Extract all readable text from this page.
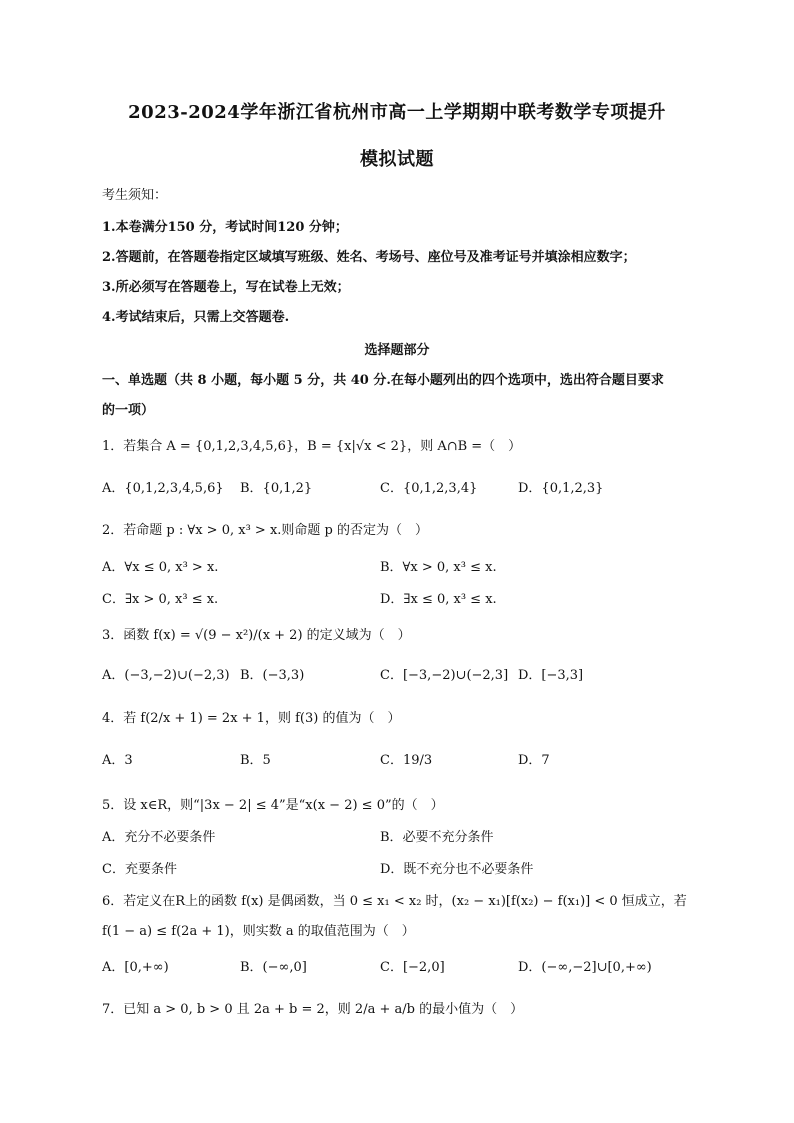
2023-2024学年浙江省杭州市高一上学期期中联考数学专项提升
模拟试题
考生须知：
1.本卷满分150 分，考试时间120 分钟；
2.答题前，在答题卷指定区域填写班级、姓名、考场号、座位号及准考证号并填涂相应数字；
3.所必须写在答题卷上，写在试卷上无效；
4.考试结束后，只需上交答题卷.
选择题部分
一、单选题（共 8 小题，每小题 5 分，共 40 分.在每小题列出的四个选项中，选出符合题目要求
的一项）
1．若集合 A = {0,1,2,3,4,5,6}，B = {x|√x < 2}，则 A∩B =（　）
A．{0,1,2,3,4,5,6} B．{0,1,2}	C．{0,1,2,3,4}	D．{0,1,2,3}
2．若命题 p : ∀x > 0, x³ > x.则命题 p 的否定为（　）
A．∀x ≤ 0, x³ > x.	B．∀x > 0, x³ ≤ x.
C．∃x > 0, x³ ≤ x.	D．∃x ≤ 0, x³ ≤ x.
3．函数 f(x) = √(9 − x²)/(x + 2) 的定义域为（　）
A．(−3,−2)∪(−2,3) B．(−3,3)	C．[−3,−2)∪(−2,3] D．[−3,3]
4．若 f(2/x + 1) = 2x + 1，则 f(3) 的值为（　）
A．3	B．5	C．19/3	D．7
5．设 x∈R，则“|3x − 2| ≤ 4”是“x(x − 2) ≤ 0”的（　）
A．充分不必要条件	B．必要不充分条件
C．充要条件	D．既不充分也不必要条件
6．若定义在R上的函数 f(x) 是偶函数，当 0 ≤ x₁ < x₂ 时，(x₂ − x₁)[f(x₂) − f(x₁)] < 0 恒成立，若
f(1 − a) ≤ f(2a + 1)，则实数 a 的取值范围为（　）
A．[0,+∞)	B．(−∞,0]	C．[−2,0]	D．(−∞,−2]∪[0,+∞)
7．已知 a > 0, b > 0 且 2a + b = 2，则 2/a + a/b 的最小值为（　）
